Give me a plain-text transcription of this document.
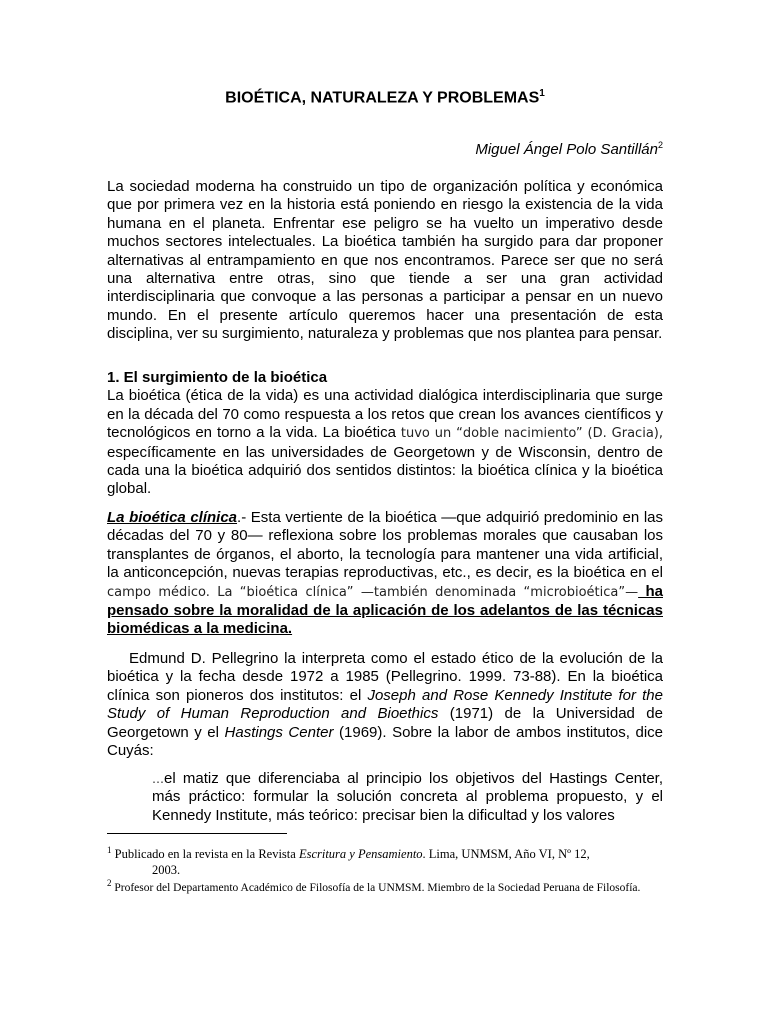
BIOÉTICA, NATURALEZA Y PROBLEMAS$^1$

Miguel Ángel Polo Santillán$^2$

La sociedad moderna ha construido un tipo de organización política y económica que por primera vez en la historia está poniendo en riesgo la existencia de la vida humana en el planeta. Enfrentar ese peligro se ha vuelto un imperativo desde muchos sectores intelectuales. La bioética también ha surgido para dar proponer alternativas al entrampamiento en que nos encontramos. Parece ser que no será una alternativa entre otras, sino que tiende a ser una gran actividad interdisciplinaria que convoque a las personas a participar a pensar en un nuevo mundo. En el presente artículo queremos hacer una presentación de esta disciplina, ver su surgimiento, naturaleza y problemas que nos plantea para pensar.

1. El surgimiento de la bioética

La bioética (ética de la vida) es una actividad dialógica interdisciplinaria que surge en la década del 70 como respuesta a los retos que crean los avances científicos y tecnológicos en torno a la vida. La bioética tuvo un “doble nacimiento” (D. Gracia), específicamente en las universidades de Georgetown y de Wisconsin, dentro de cada una la bioética adquirió dos sentidos distintos: la bioética clínica y la bioética global.

La bioética clínica.- Esta vertiente de la bioética —que adquirió predominio en las décadas del 70 y 80— reflexiona sobre los problemas morales que causaban los transplantes de órganos, el aborto, la tecnología para mantener una vida artificial, la anticoncepción, nuevas terapias reproductivas, etc., es decir, es la bioética en el campo médico. La “bioética clínica” —también denominada “microbioética”— ha pensado sobre la moralidad de la aplicación de los adelantos de las técnicas biomédicas a la medicina.

Edmund D. Pellegrino la interpreta como el estado ético de la evolución de la bioética y la fecha desde 1972 a 1985 (Pellegrino. 1999. 73-88). En la bioética clínica son pioneros dos institutos: el Joseph and Rose Kennedy Institute for the Study of Human Reproduction and Bioethics (1971) de la Universidad de Georgetown y el Hastings Center (1969). Sobre la labor de ambos institutos, dice Cuyás:

…el matiz que diferenciaba al principio los objetivos del Hastings Center, más práctico: formular la solución concreta al problema propuesto, y el Kennedy Institute, más teórico: precisar bien la dificultad y los valores

$^1$ Publicado en la revista en la Revista Escritura y Pensamiento. Lima, UNMSM, Año VI, Nº 12,
2003.
$^2$ Profesor del Departamento Académico de Filosofía de la UNMSM. Miembro de la Sociedad Peruana de Filosofía.
